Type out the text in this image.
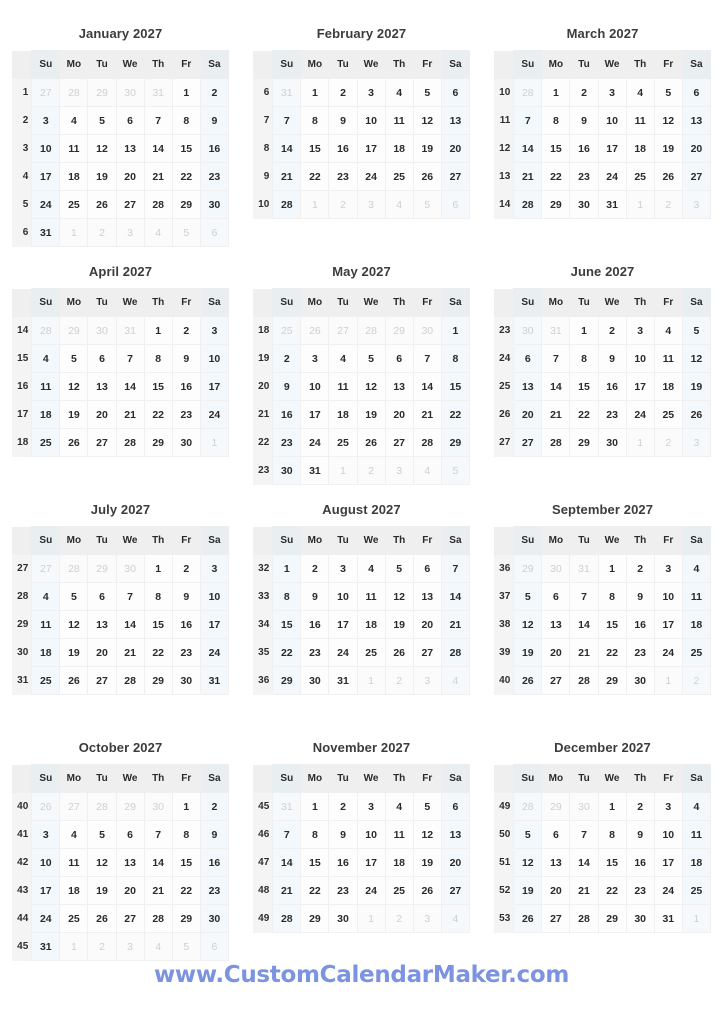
January 2027
	Su	Mo	Tu	We	Th	Fr	Sa
1	27	28	29	30	31	1	2
2	3	4	5	6	7	8	9
3	10	11	12	13	14	15	16
4	17	18	19	20	21	22	23
5	24	25	26	27	28	29	30
6	31	1	2	3	4	5	6
February 2027
	Su	Mo	Tu	We	Th	Fr	Sa
6	31	1	2	3	4	5	6
7	7	8	9	10	11	12	13
8	14	15	16	17	18	19	20
9	21	22	23	24	25	26	27
10	28	1	2	3	4	5	6
March 2027
	Su	Mo	Tu	We	Th	Fr	Sa
10	28	1	2	3	4	5	6
11	7	8	9	10	11	12	13
12	14	15	16	17	18	19	20
13	21	22	23	24	25	26	27
14	28	29	30	31	1	2	3
April 2027
	Su	Mo	Tu	We	Th	Fr	Sa
14	28	29	30	31	1	2	3
15	4	5	6	7	8	9	10
16	11	12	13	14	15	16	17
17	18	19	20	21	22	23	24
18	25	26	27	28	29	30	1
May 2027
	Su	Mo	Tu	We	Th	Fr	Sa
18	25	26	27	28	29	30	1
19	2	3	4	5	6	7	8
20	9	10	11	12	13	14	15
21	16	17	18	19	20	21	22
22	23	24	25	26	27	28	29
23	30	31	1	2	3	4	5
June 2027
	Su	Mo	Tu	We	Th	Fr	Sa
23	30	31	1	2	3	4	5
24	6	7	8	9	10	11	12
25	13	14	15	16	17	18	19
26	20	21	22	23	24	25	26
27	27	28	29	30	1	2	3
July 2027
	Su	Mo	Tu	We	Th	Fr	Sa
27	27	28	29	30	1	2	3
28	4	5	6	7	8	9	10
29	11	12	13	14	15	16	17
30	18	19	20	21	22	23	24
31	25	26	27	28	29	30	31
August 2027
	Su	Mo	Tu	We	Th	Fr	Sa
32	1	2	3	4	5	6	7
33	8	9	10	11	12	13	14
34	15	16	17	18	19	20	21
35	22	23	24	25	26	27	28
36	29	30	31	1	2	3	4
September 2027
	Su	Mo	Tu	We	Th	Fr	Sa
36	29	30	31	1	2	3	4
37	5	6	7	8	9	10	11
38	12	13	14	15	16	17	18
39	19	20	21	22	23	24	25
40	26	27	28	29	30	1	2
October 2027
	Su	Mo	Tu	We	Th	Fr	Sa
40	26	27	28	29	30	1	2
41	3	4	5	6	7	8	9
42	10	11	12	13	14	15	16
43	17	18	19	20	21	22	23
44	24	25	26	27	28	29	30
45	31	1	2	3	4	5	6
November 2027
	Su	Mo	Tu	We	Th	Fr	Sa
45	31	1	2	3	4	5	6
46	7	8	9	10	11	12	13
47	14	15	16	17	18	19	20
48	21	22	23	24	25	26	27
49	28	29	30	1	2	3	4
December 2027
	Su	Mo	Tu	We	Th	Fr	Sa
49	28	29	30	1	2	3	4
50	5	6	7	8	9	10	11
51	12	13	14	15	16	17	18
52	19	20	21	22	23	24	25
53	26	27	28	29	30	31	1
www.CustomCalendarMaker.com
